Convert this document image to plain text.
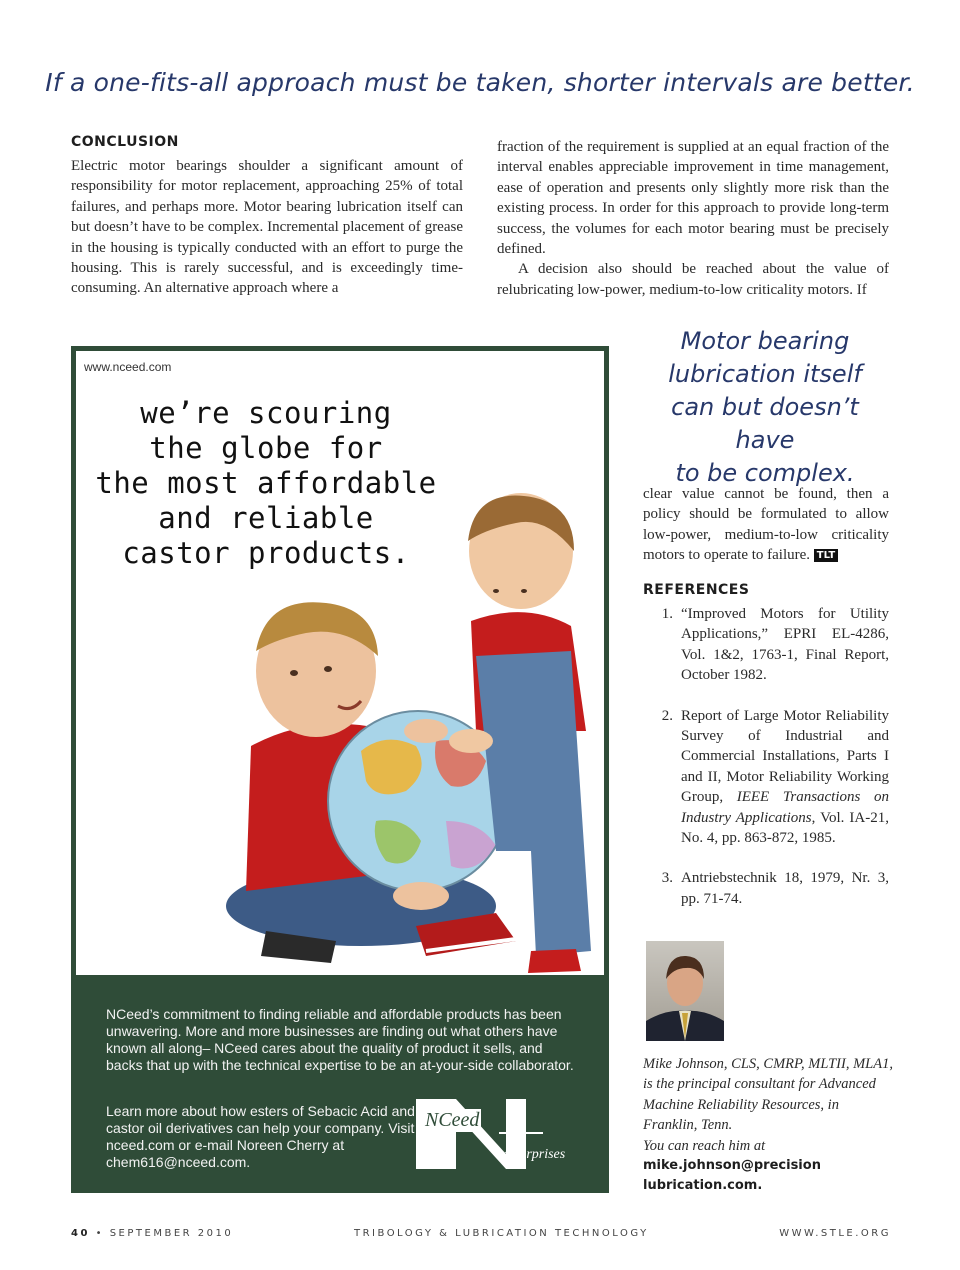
If a one-fits-all approach must be taken, shorter intervals are better.
CONCLUSION

Electric motor bearings shoulder a significant amount of responsibility for motor replacement, approaching 25% of total failures, and perhaps more. Motor bearing lubrication itself can but doesn’t have to be complex. Incremental placement of grease in the housing is typically conducted with an effort to purge the housing. This is rarely successful, and is exceedingly time-consuming. An alternative approach where a

fraction of the requirement is supplied at an equal fraction of the interval enables appreciable improvement in time management, ease of operation and presents only slightly more risk than the existing process. In order for this approach to provide long-term success, the volumes for each motor bearing must be precisely defined.

A decision also should be reached about the value of relubricating low-power, medium-to-low criticality motors. If

www.nceed.com
we’re scouring
the globe for
the most affordable
and reliable
castor products.

NCeed’s commitment to finding reliable and affordable products has been unwavering. More and more businesses are finding out what others have known all along– NCeed cares about the quality of product it sells, and backs that up with the technical expertise to be an at-your-side collaborator.

Learn more about how esters of Sebacic Acid and castor oil derivatives can help your company. Visit nceed.com or e-mail Noreen Cherry at chem616@nceed.com.

NCeed
enterprises
Motor bearing
lubrication itself
can but doesn’t have
to be complex.

clear value cannot be found, then a policy should be formulated to allow low-power, medium-to-low criticality motors to operate to failure. TLT

REFERENCES
1. “Improved Motors for Utility Applications,” EPRI EL-4286, Vol. 1&2, 1763-1, Final Report, October 1982.
2. Report of Large Motor Reliability Survey of Industrial and Commercial Installations, Parts I and II, Motor Reliability Working Group, IEEE Transactions on Industry Applications, Vol. IA-21, No. 4, pp. 863-872, 1985.
3. Antriebstechnik 18, 1979, Nr. 3, pp. 71-74.
Mike Johnson, CLS, CMRP, MLTII, MLA1, is the principal consultant for Advanced Machine Reliability Resources, in Franklin, Tenn.
You can reach him at
mike.johnson@precision
lubrication.com.
40 • SEPTEMBER 2010	TRIBOLOGY & LUBRICATION TECHNOLOGY	WWW.STLE.ORG
